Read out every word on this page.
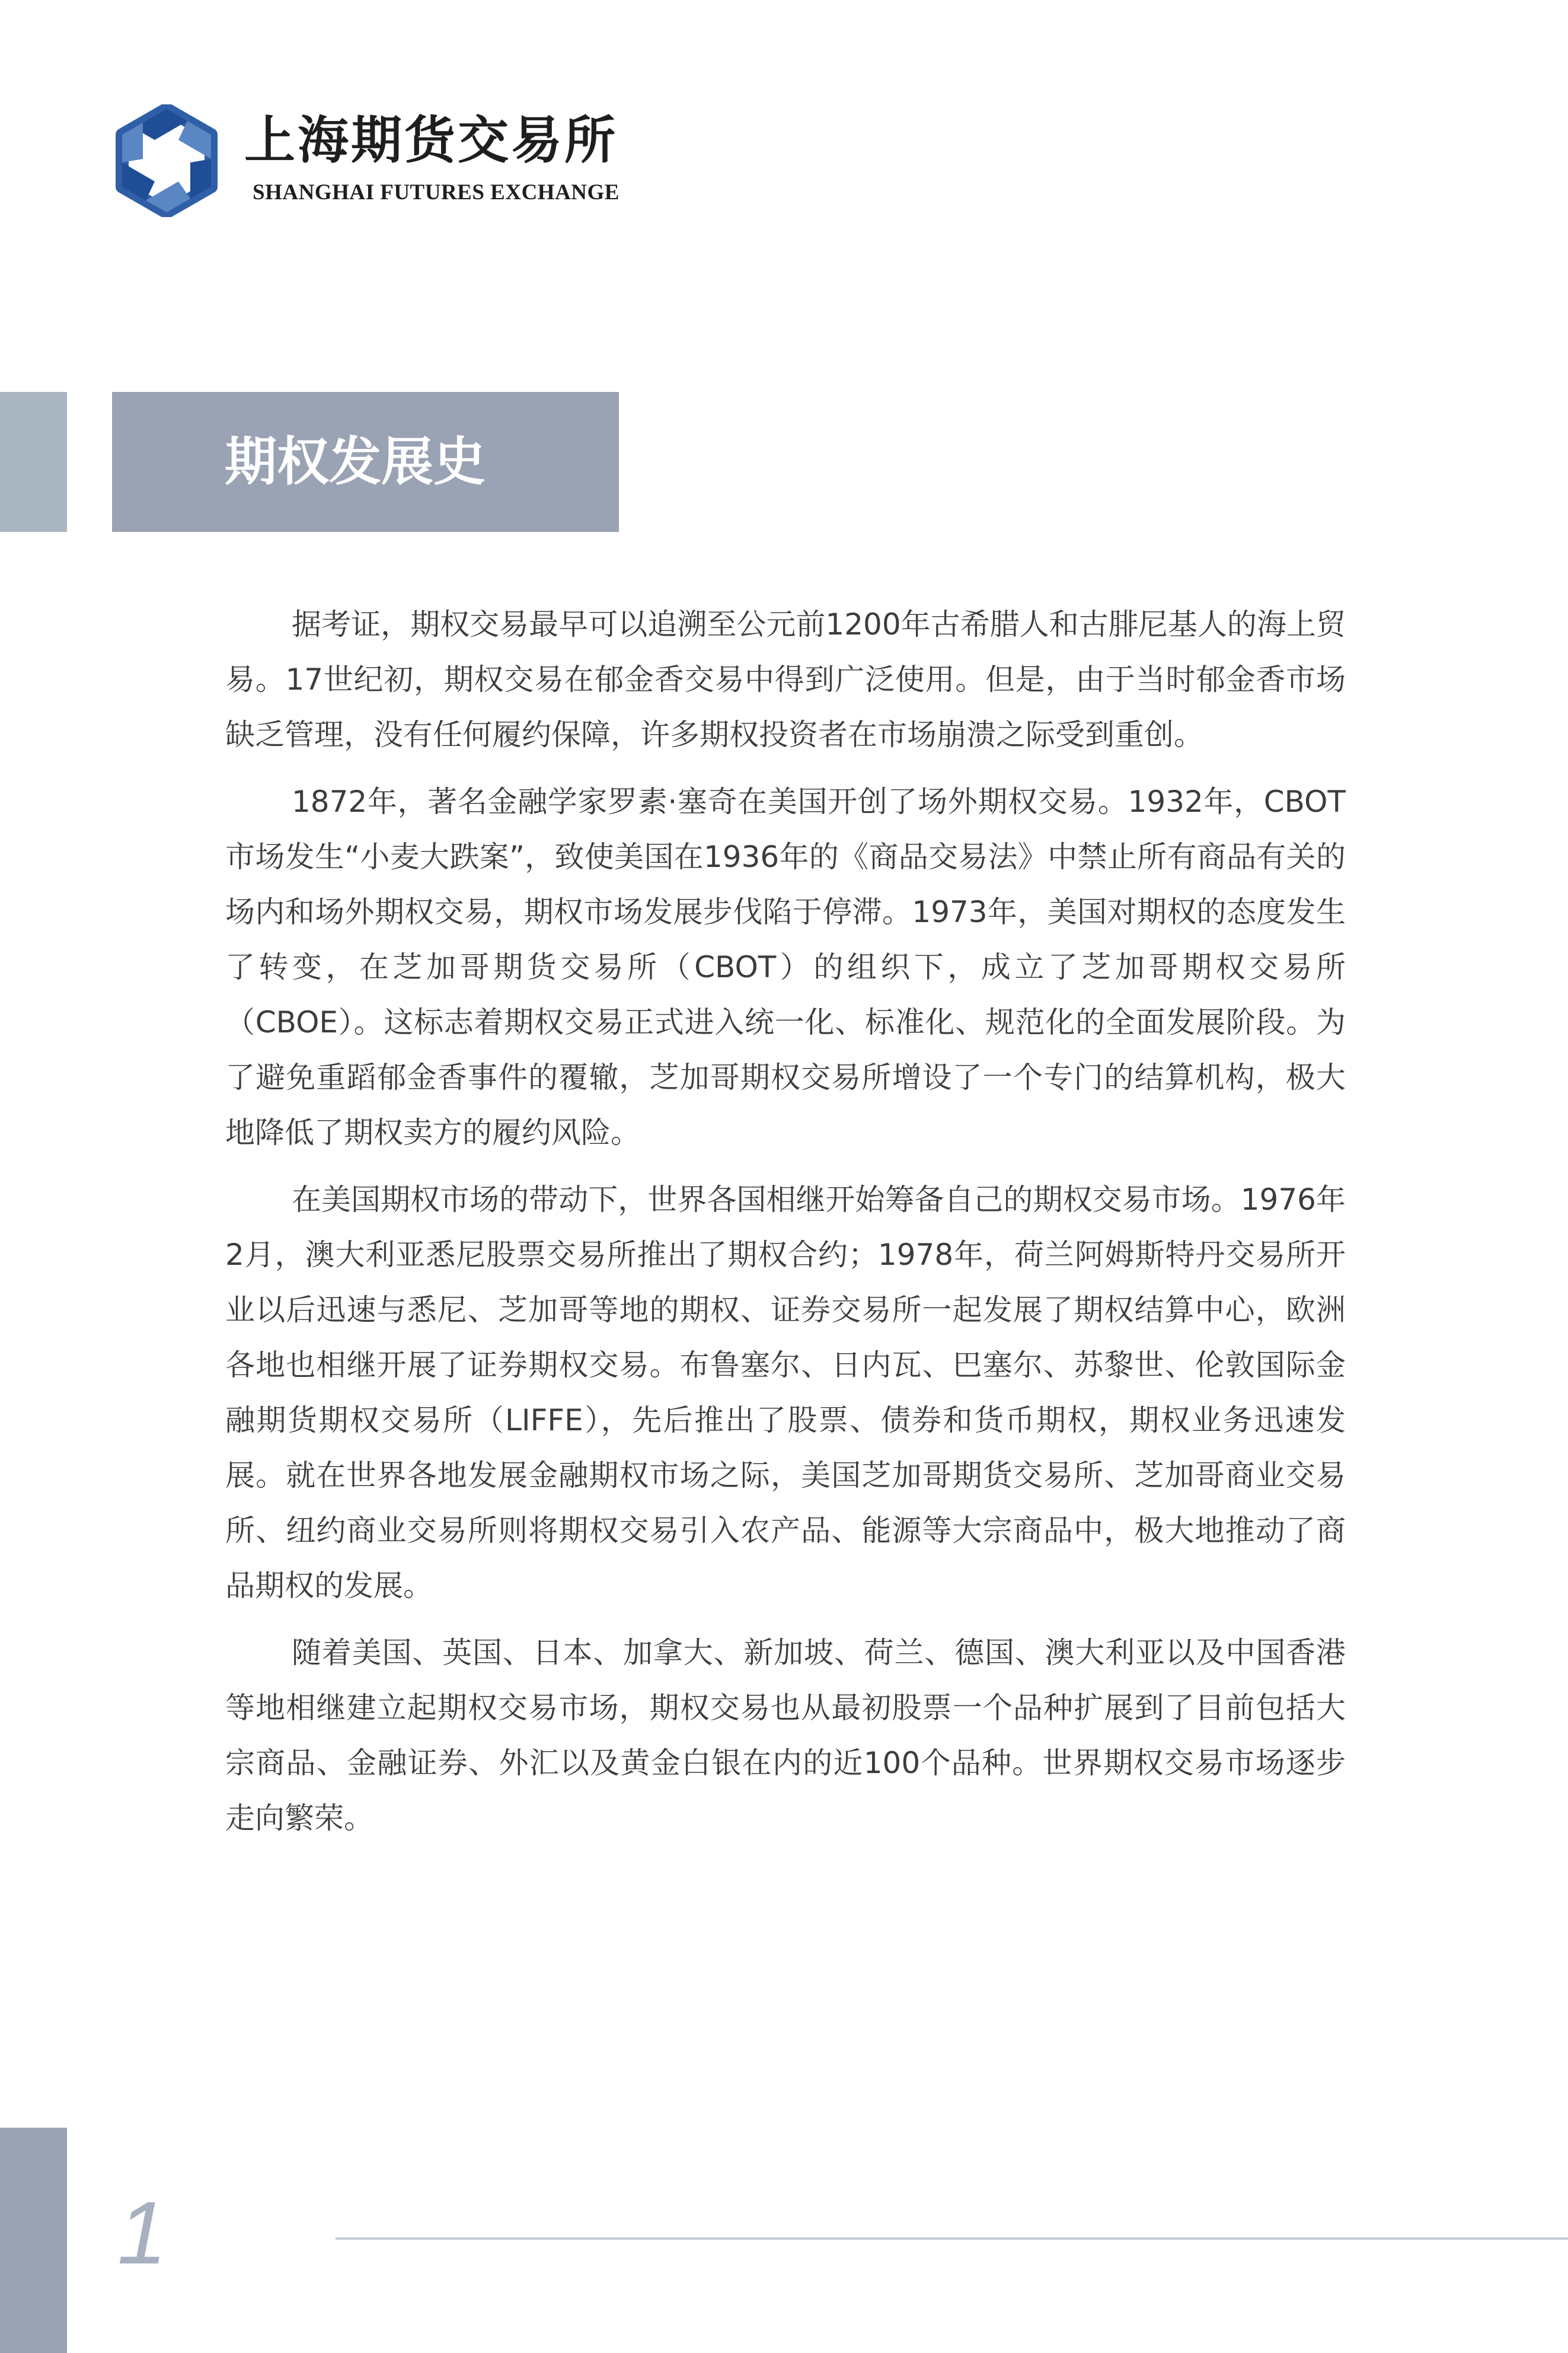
上海期货交易所
SHANGHAI FUTURES EXCHANGE
期权发展史

据考证，期权交易最早可以追溯至公元前1200年古希腊人和古腓尼基人的海上贸易。17世纪初，期权交易在郁金香交易中得到广泛使用。但是，由于当时郁金香市场缺乏管理，没有任何履约保障，许多期权投资者在市场崩溃之际受到重创。

1872年，著名金融学家罗素·塞奇在美国开创了场外期权交易。1932年，CBOT市场发生“小麦大跌案”，致使美国在1936年的《商品交易法》中禁止所有商品有关的场内和场外期权交易，期权市场发展步伐陷于停滞。1973年，美国对期权的态度发生了转变，在芝加哥期货交易所（CBOT）的组织下，成立了芝加哥期权交易所（CBOE）。这标志着期权交易正式进入统一化、标准化、规范化的全面发展阶段。为了避免重蹈郁金香事件的覆辙，芝加哥期权交易所增设了一个专门的结算机构，极大地降低了期权卖方的履约风险。

在美国期权市场的带动下，世界各国相继开始筹备自己的期权交易市场。1976年2月，澳大利亚悉尼股票交易所推出了期权合约；1978年，荷兰阿姆斯特丹交易所开业以后迅速与悉尼、芝加哥等地的期权、证券交易所一起发展了期权结算中心，欧洲各地也相继开展了证券期权交易。布鲁塞尔、日内瓦、巴塞尔、苏黎世、伦敦国际金融期货期权交易所（LIFFE），先后推出了股票、债券和货币期权，期权业务迅速发展。就在世界各地发展金融期权市场之际，美国芝加哥期货交易所、芝加哥商业交易所、纽约商业交易所则将期权交易引入农产品、能源等大宗商品中，极大地推动了商品期权的发展。

随着美国、英国、日本、加拿大、新加坡、荷兰、德国、澳大利亚以及中国香港等地相继建立起期权交易市场，期权交易也从最初股票一个品种扩展到了目前包括大宗商品、金融证券、外汇以及黄金白银在内的近100个品种。世界期权交易市场逐步走向繁荣。

1
